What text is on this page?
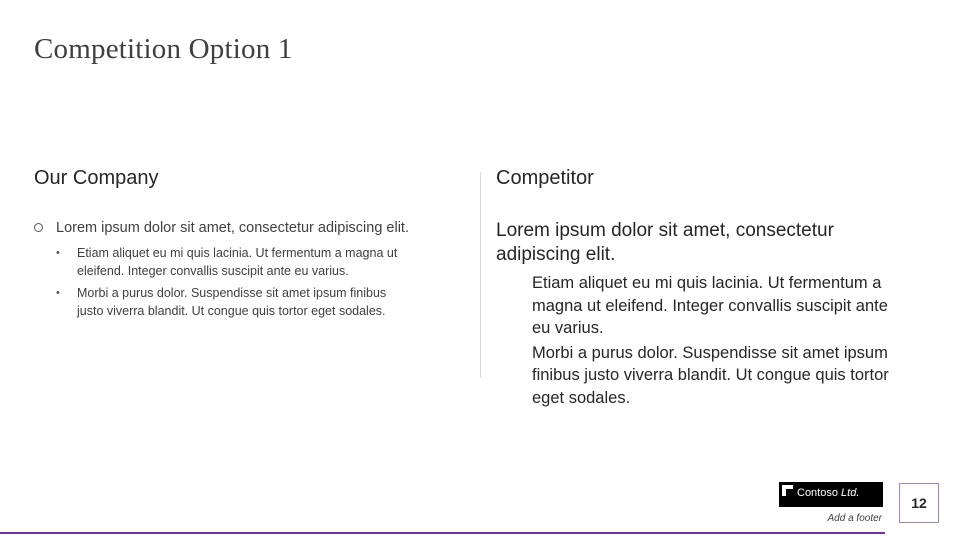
Competition Option 1
Our Company	Competitor
Lorem ipsum dolor sit amet, consectetur adipiscing elit.
• Etiam aliquet eu mi quis lacinia. Ut fermentum a magna ut eleifend. Integer convallis suscipit ante eu varius.
• Morbi a purus dolor. Suspendisse sit amet ipsum finibus justo viverra blandit. Ut congue quis tortor eget sodales.
Lorem ipsum dolor sit amet, consectetur adipiscing elit.
Etiam aliquet eu mi quis lacinia. Ut fermentum a magna ut eleifend. Integer convallis suscipit ante eu varius.
Morbi a purus dolor. Suspendisse sit amet ipsum finibus justo viverra blandit. Ut congue quis tortor eget sodales.
Contoso Ltd.
Add a footer
12
